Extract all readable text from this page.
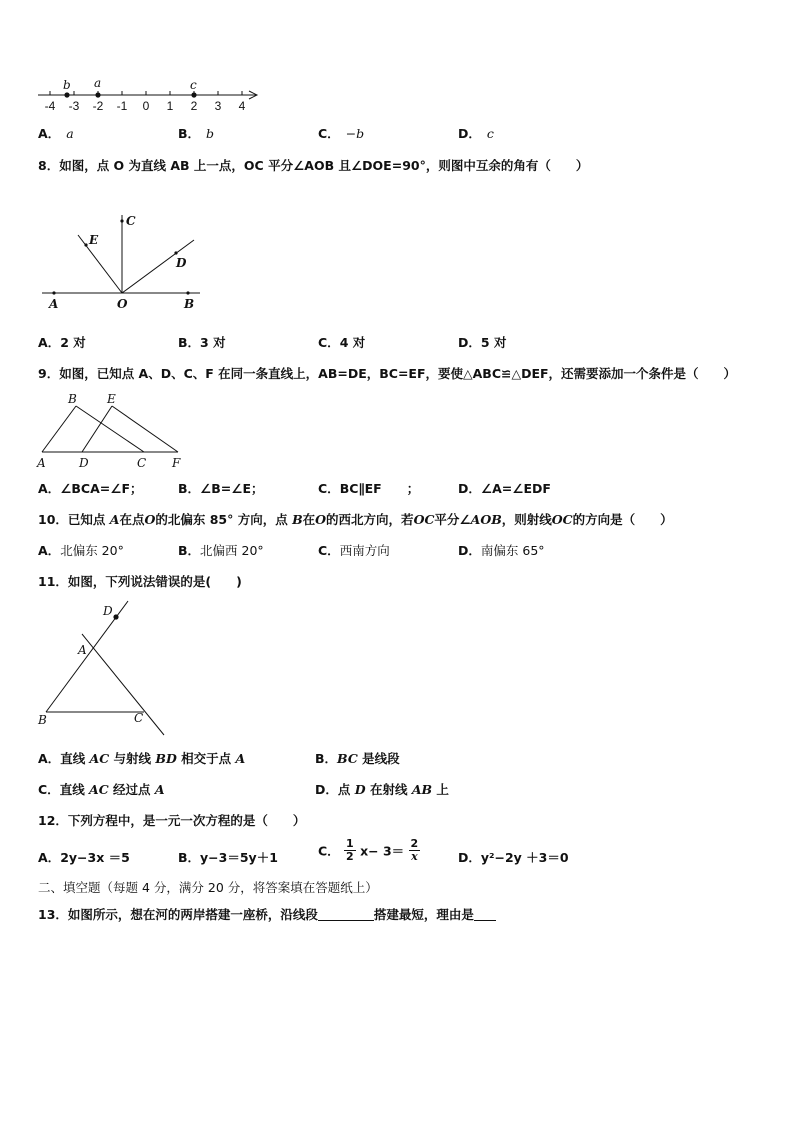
-4 -3 -2 -1 0 1 2 3 4
b a	c
A． a	B． b	C． −b	D． c
8．如图，点 O 为直线 AB 上一点，OC 平分∠AOB 且∠DOE=90°，则图中互余的角有（　　）
C
E
D
A	O	B
A．2 对	B．3 对	C．4 对	D．5 对
9．如图，已知点 A、D、C、F 在同一条直线上，AB=DE，BC=EF，要使△ABC≌△DEF，还需要添加一个条件是（　　）
B	E
A	D	C F
A．∠BCA=∠F；	B．∠B=∠E；	C．BC∥EF　　；	D．∠A=∠EDF
10．已知点 A在点O的北偏东 85° 方向，点 B在O的西北方向，若OC平分∠AOB，则射线OC的方向是（　　）
A．北偏东 20°	B．北偏西 20°	C．西南方向	D．南偏东 65°
11．如图，下列说法错误的是(　　)
D
A
B	C
A．直线 AC 与射线 BD 相交于点 A	B．BC 是线段
C．直线 AC 经过点 A	D．点 D 在射线 AB 上
12．下列方程中，是一元一次方程的是（　　）
A．2y−3x ＝5	B．y−3＝5y＋1	C． $\frac{1}{2} x- 3= \frac{2}{x}$	D．y²−2y ＋3＝0
二、填空题（每题 4 分，满分 20 分，将答案填在答题纸上）
13．如图所示，想在河的两岸搭建一座桥，沿线段	搭建最短，理由是
